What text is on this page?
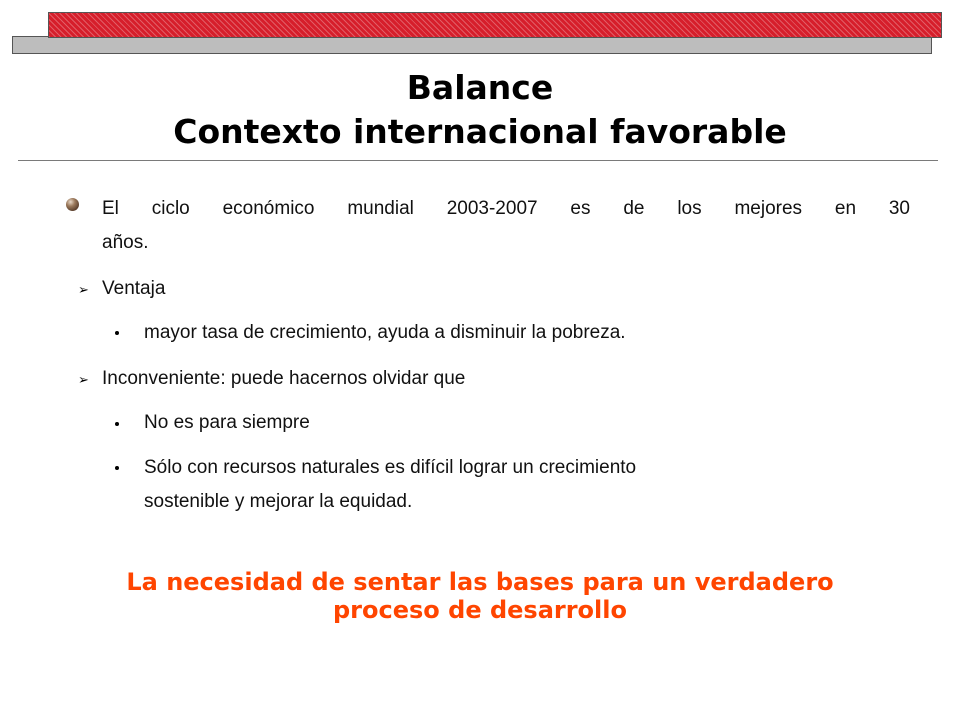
Balance
Contexto internacional favorable
El ciclo económico mundial 2003-2007 es de los mejores en 30
años.
➢ Ventaja
mayor tasa de crecimiento, ayuda a disminuir la pobreza.
➢ Inconveniente: puede hacernos olvidar que
No es para siempre
Sólo con recursos naturales es difícil lograr un crecimiento
sostenible y mejorar la equidad.
La necesidad de sentar las bases para un verdadero
proceso de desarrollo
